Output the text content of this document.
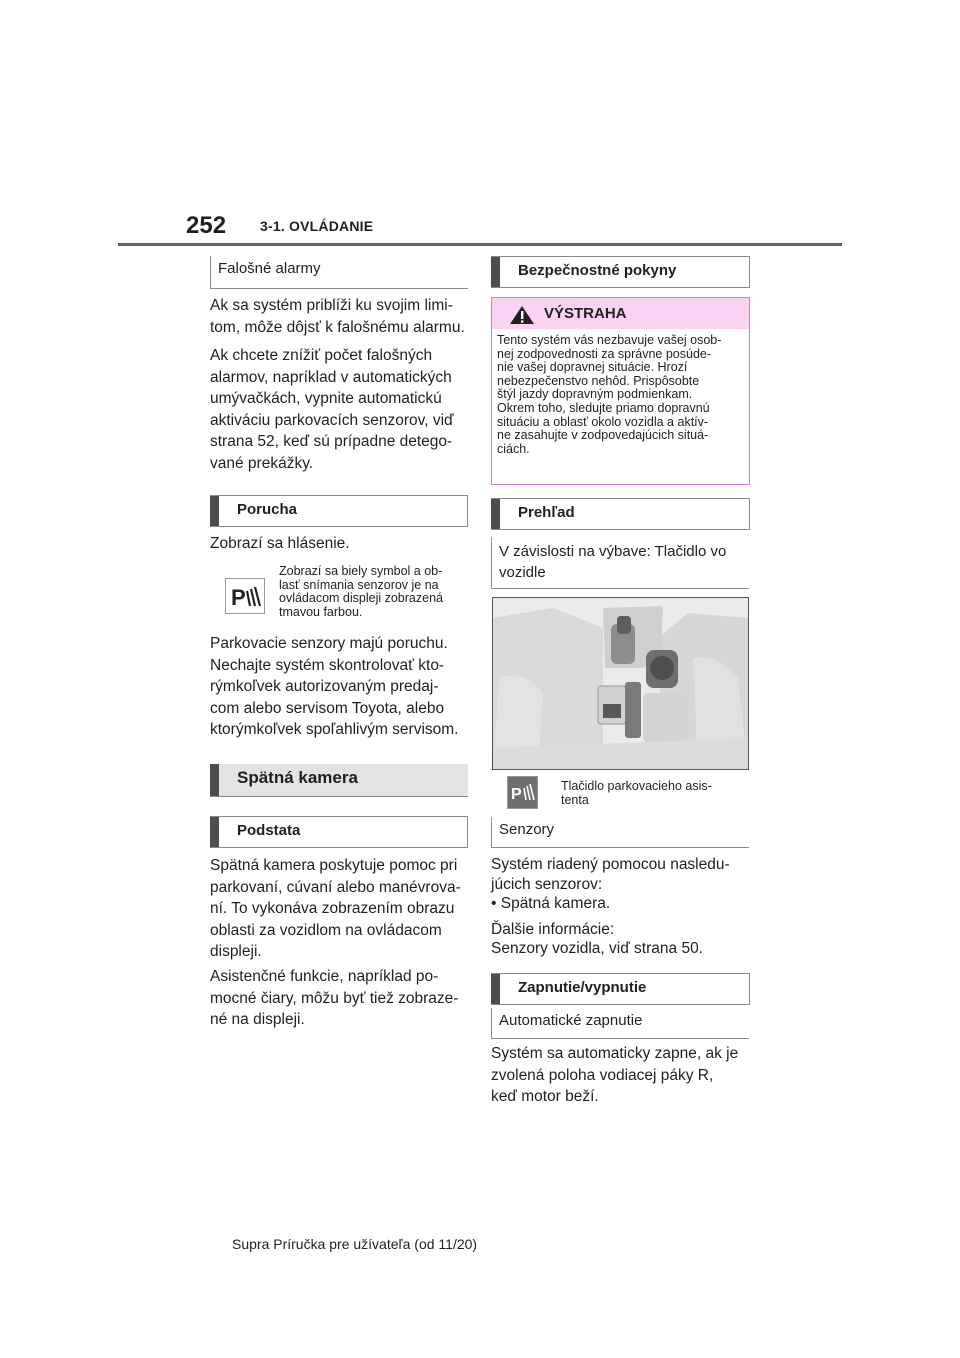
252 3-1. OVLÁDANIE
Falošné alarmy
Ak sa systém priblíži ku svojim limi-
tom, môže dôjsť k falošnému alarmu.
Ak chcete znížiť počet falošných
alarmov, napríklad v automatických
umývačkách, vypnite automatickú
aktiváciu parkovacích senzorov, viď
strana 52, keď sú prípadne detego-
vané prekážky.
Porucha
Zobrazí sa hlásenie.
P
Zobrazí sa biely symbol a ob-
lasť snímania senzorov je na
ovládacom displeji zobrazená
tmavou farbou.
Parkovacie senzory majú poruchu.
Nechajte systém skontrolovať kto-
rýmkoľvek autorizovaným predaj-
com alebo servisom Toyota, alebo
ktorýmkoľvek spoľahlivým servisom.
Spätná kamera
Podstata
Spätná kamera poskytuje pomoc pri
parkovaní, cúvaní alebo manévrova-
ní. To vykonáva zobrazením obrazu
oblasti za vozidlom na ovládacom
displeji.
Asistenčné funkcie, napríklad po-
mocné čiary, môžu byť tiež zobraze-
né na displeji.
Bezpečnostné pokyny
VÝSTRAHA
Tento systém vás nezbavuje vašej osob-
nej zodpovednosti za správne posúde-
nie vašej dopravnej situácie. Hrozí
nebezpečenstvo nehôd. Prispôsobte
štýl jazdy dopravným podmienkam.
Okrem toho, sledujte priamo dopravnú
situáciu a oblasť okolo vozidla a aktív-
ne zasahujte v zodpovedajúcich situá-
ciách.
Prehľad
V závislosti na výbave: Tlačidlo vo
vozidle
P	Tlačidlo parkovacieho asis-
tenta
Senzory
Systém riadený pomocou nasledu-
júcich senzorov:
• Spätná kamera.
Ďalšie informácie:
Senzory vozidla, viď strana 50.
Zapnutie/vypnutie
Automatické zapnutie
Systém sa automaticky zapne, ak je
zvolená poloha vodiacej páky R,
keď motor beží.
Supra Príručka pre užívateľa (od 11/20)
